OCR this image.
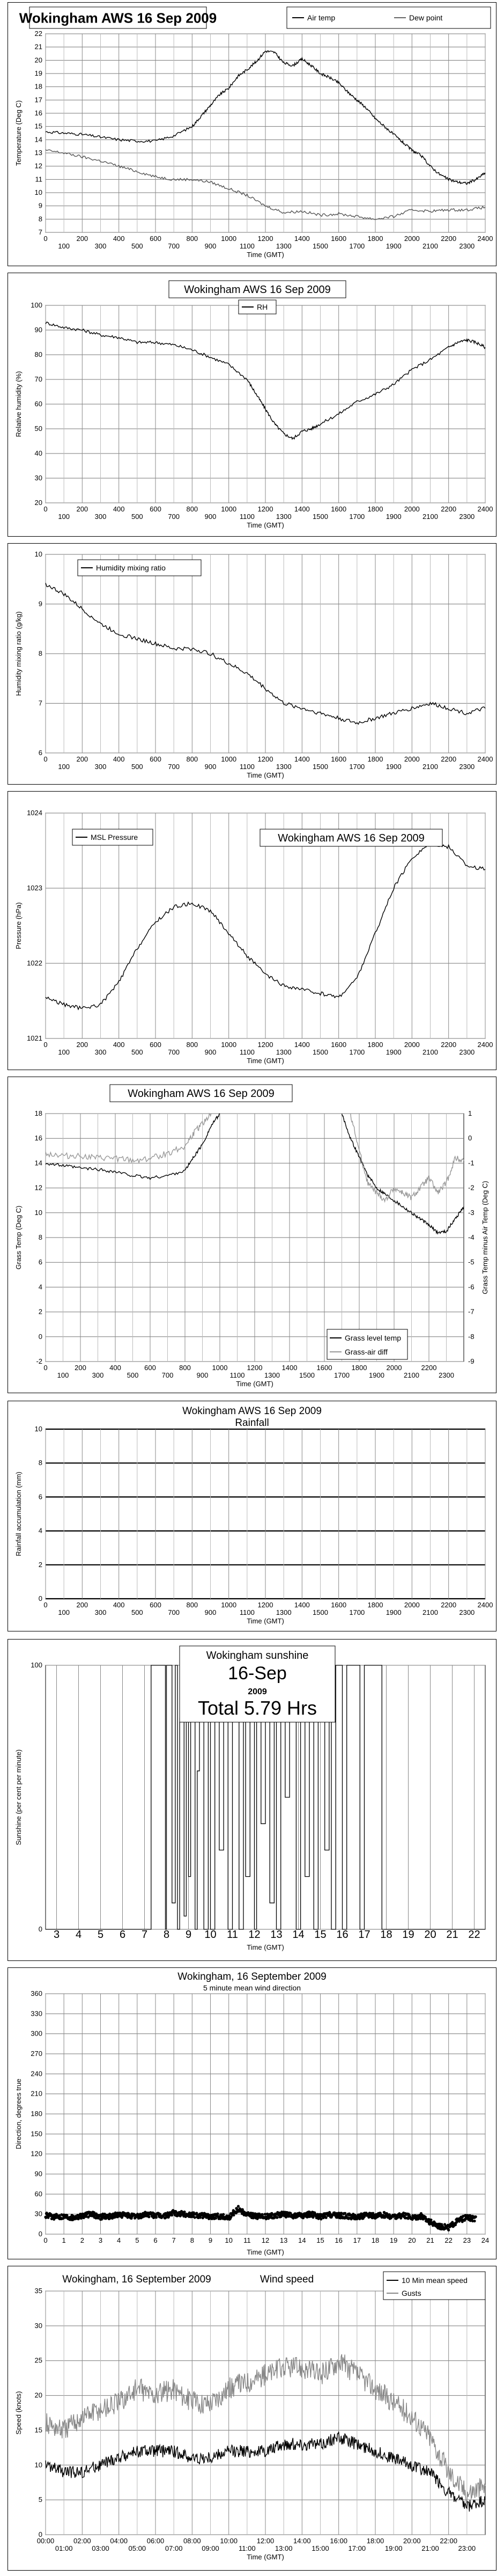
7
8
9
10
11
12
13
14
15
16
17
18
19
20
21
22
0	200	400	600	800	1000	1200	1400	1600	1800	2000	2200	2400
100	300	500	700	900	1100	1300	1500	1700	1900	2100	2300
Time (GMT)
Temperature (Deg C)
Wokingham AWS 16 Sep 2009	Air temp	Dew point
20
30
40
50
60
70
80
90
100
0	200	400	600	800	1000	1200	1400	1600	1800	2000	2200	2400
100	300	500	700	900	1100	1300	1500	1700	1900	2100	2300
Time (GMT)
Relative humidity (%)
Wokingham AWS 16 Sep 2009
RH
6
7
8
9
10
0	200	400	600	800	1000	1200	1400	1600	1800	2000	2200	2400
100	300	500	700	900	1100	1300	1500	1700	1900	2100	2300
Time (GMT)
Humidity mixing ratio (g/kg)
Humidity mixing ratio
1021
1022
1023
1024
0	200	400	600	800	1000	1200	1400	1600	1800	2000	2200	2400
100	300	500	700	900	1100	1300	1500	1700	1900	2100	2300
Time (GMT)
Pressure (hPa)
MSL Pressure	Wokingham AWS 16 Sep 2009
-2
0
2
4
6
8
10
12
14
16
18
0	200	400	600	800	1000	1200	1400	1600	1800	2000	2200
100	300	500	700	900	1100	1300	1500	1700	1900	2100	2300
Time (GMT)
Grass Temp (Deg C)
-9
-8
-7
-6
-5
-4
-3
-2
-1
0
1
Grass Temp minus Air Temp (Deg C)
Wokingham AWS 16 Sep 2009
Grass level temp
Grass-air diff
0
2
4
6
8
10
0	200	400	600	800	1000	1200	1400	1600	1800	2000	2200	2400
100	300	500	700	900	1100	1300	1500	1700	1900	2100	2300
Time (GMT)
Rainfall accumulation (mm)
Wokingham AWS 16 Sep 2009
Rainfall
0
100
3 4 5 6 7 8 9 10 11 12 13 14 15 16 17 18 19 20 21 22
Time (GMT)
Sunshine (per cent per minute)
Wokingham sunshine
16-Sep
2009
Total 5.79 Hrs
0
30
60
90
120
150
180
210
240
270
300
330
360
0 1 2 3 4 5 6 7 8 9 10 11 12 13 14 15 16 17 18 19 20 21 22 23 24
Time (GMT)
Direction, degrees true
Wokingham, 16 September 2009
5 minute mean wind direction
0
5
10
15
20
25
30
35
00:00	02:00	04:00	06:00	08:00	10:00	12:00	14:00	16:00	18:00	20:00	22:00
01:00	03:00	05:00	07:00	09:00	11:00	13:00	15:00	17:00	19:00	21:00	23:00
Time (GMT)
Speed (knots)
Wokingham, 16 September 2009	Wind speed	10 Min mean speed
Gusts
